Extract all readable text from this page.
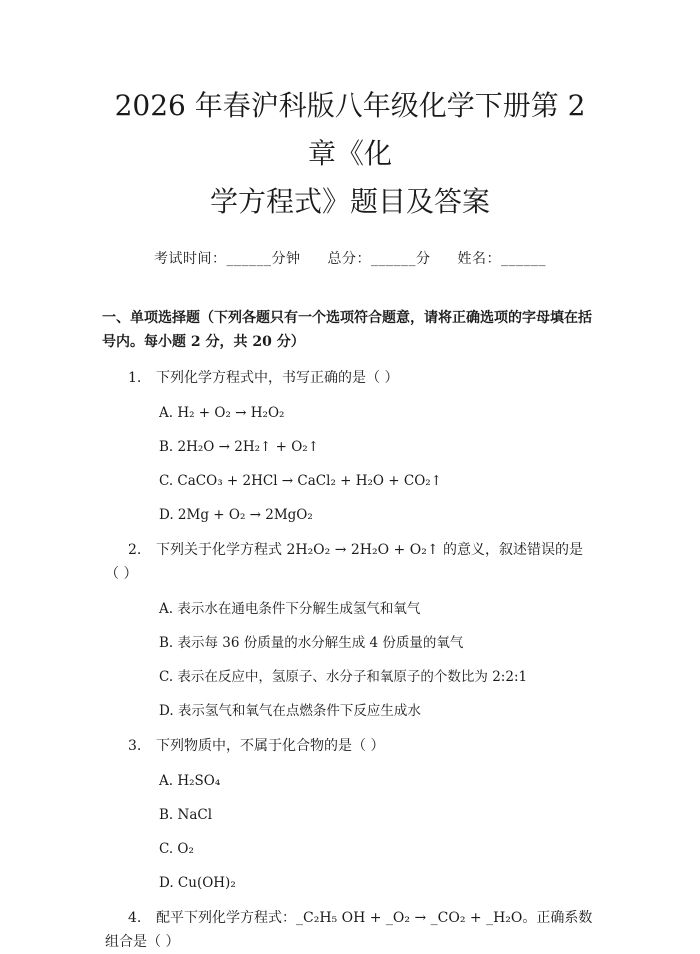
2026 年春沪科版八年级化学下册第 2 章《化
学方程式》题目及答案
考试时间：______分钟 总分：______分 姓名：______
一、单项选择题（下列各题只有一个选项符合题意，请将正确选项的字母填在括号内。每小题 2 分，共 20 分）
1. 下列化学方程式中，书写正确的是（ ）
A. H₂ + O₂ → H₂O₂
B. 2H₂O → 2H₂↑ + O₂↑
C. CaCO₃ + 2HCl → CaCl₂ + H₂O + CO₂↑
D. 2Mg + O₂ → 2MgO₂
2. 下列关于化学方程式 2H₂O₂ → 2H₂O + O₂↑ 的意义，叙述错误的是（ ）
A. 表示水在通电条件下分解生成氢气和氧气
B. 表示每 36 份质量的水分解生成 4 份质量的氧气
C. 表示在反应中，氢原子、水分子和氧原子的个数比为 2:2:1
D. 表示氢气和氧气在点燃条件下反应生成水
3. 下列物质中，不属于化合物的是（ ）
A. H₂SO₄
B. NaCl
C. O₂
D. Cu(OH)₂
4. 配平下列化学方程式：_C₂H₅ OH + _O₂ → _CO₂ + _H₂O。正确系数组合是（ ）
